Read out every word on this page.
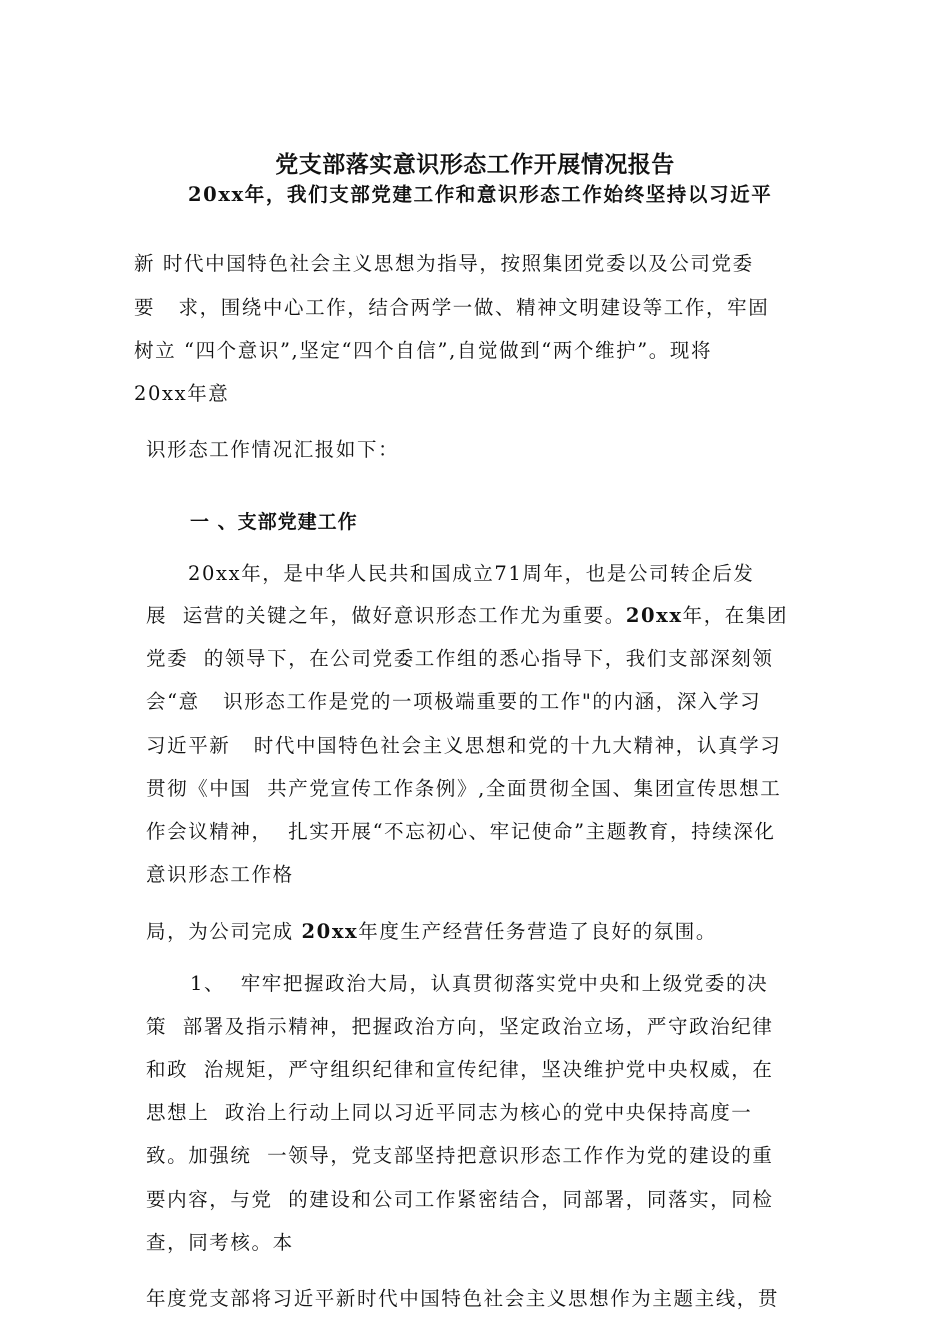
党支部落实意识形态工作开展情况报告
20xx年，我们支部党建工作和意识形态工作始终坚持以习近平
新 时代中国特色社会主义思想为指导，按照集团党委以及公司党委
要   求，围绕中心工作，结合两学一做、精神文明建设等工作，牢固
树立 “四个意识”,坚定“四个自信”,自觉做到“两个维护”。现将
20xx年意
识形态工作情况汇报如下：
一 、支部党建工作
20xx年，是中华人民共和国成立71周年，也是公司转企后发
展  运营的关键之年，做好意识形态工作尤为重要。20xx年，在集团
党委  的领导下，在公司党委工作组的悉心指导下，我们支部深刻领
会“意   识形态工作是党的一项极端重要的工作"的内涵，深入学习
习近平新   时代中国特色社会主义思想和党的十九大精神，认真学习
贯彻《中国  共产党宣传工作条例》,全面贯彻全国、集团宣传思想工
作会议精神，  扎实开展“不忘初心、牢记使命”主题教育，持续深化
意识形态工作格
局，为公司完成 20xx年度生产经营任务营造了良好的氛围。
1、  牢牢把握政治大局，认真贯彻落实党中央和上级党委的决
策  部署及指示精神，把握政治方向，坚定政治立场，严守政治纪律
和政  治规矩，严守组织纪律和宣传纪律，坚决维护党中央权威，在
思想上  政治上行动上同以习近平同志为核心的党中央保持高度一
致。加强统  一领导，党支部坚持把意识形态工作作为党的建设的重
要内容，与党  的建设和公司工作紧密结合，同部署，同落实，同检
查，同考核。本
年度党支部将习近平新时代中国特色社会主义思想作为主题主线，贯
